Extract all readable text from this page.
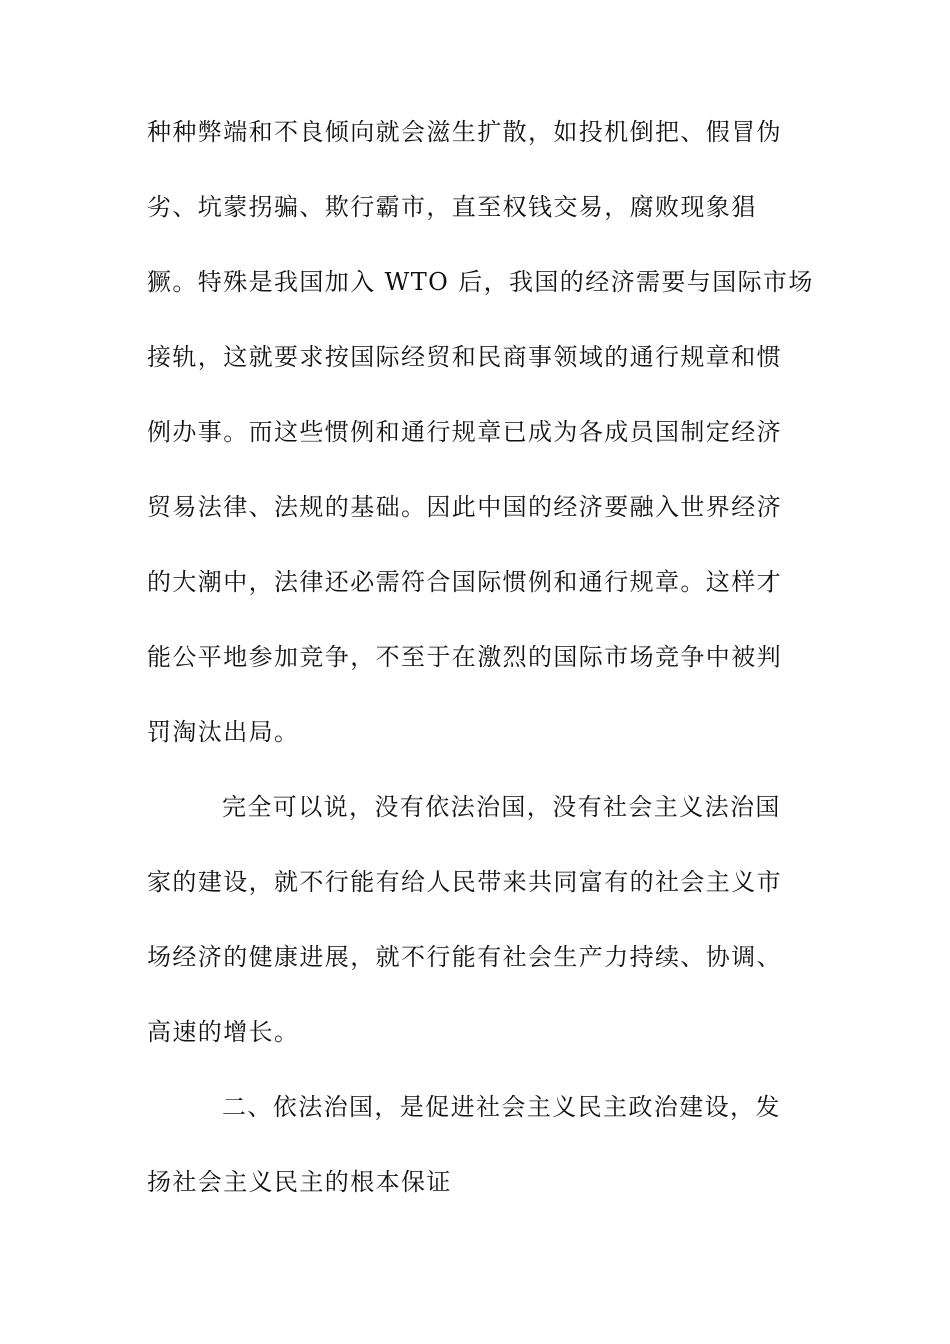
种种弊端和不良倾向就会滋生扩散，如投机倒把、假冒伪
劣、坑蒙拐骗、欺行霸市，直至权钱交易，腐败现象猖
獗。特殊是我国加入 WTO 后，我国的经济需要与国际市场
接轨，这就要求按国际经贸和民商事领域的通行规章和惯
例办事。而这些惯例和通行规章已成为各成员国制定经济
贸易法律、法规的基础。因此中国的经济要融入世界经济
的大潮中，法律还必需符合国际惯例和通行规章。这样才
能公平地参加竞争，不至于在激烈的国际市场竞争中被判
罚淘汰出局。
完全可以说，没有依法治国，没有社会主义法治国
家的建设，就不行能有给人民带来共同富有的社会主义市
场经济的健康进展，就不行能有社会生产力持续、协调、
高速的增长。
二、依法治国，是促进社会主义民主政治建设，发
扬社会主义民主的根本保证
